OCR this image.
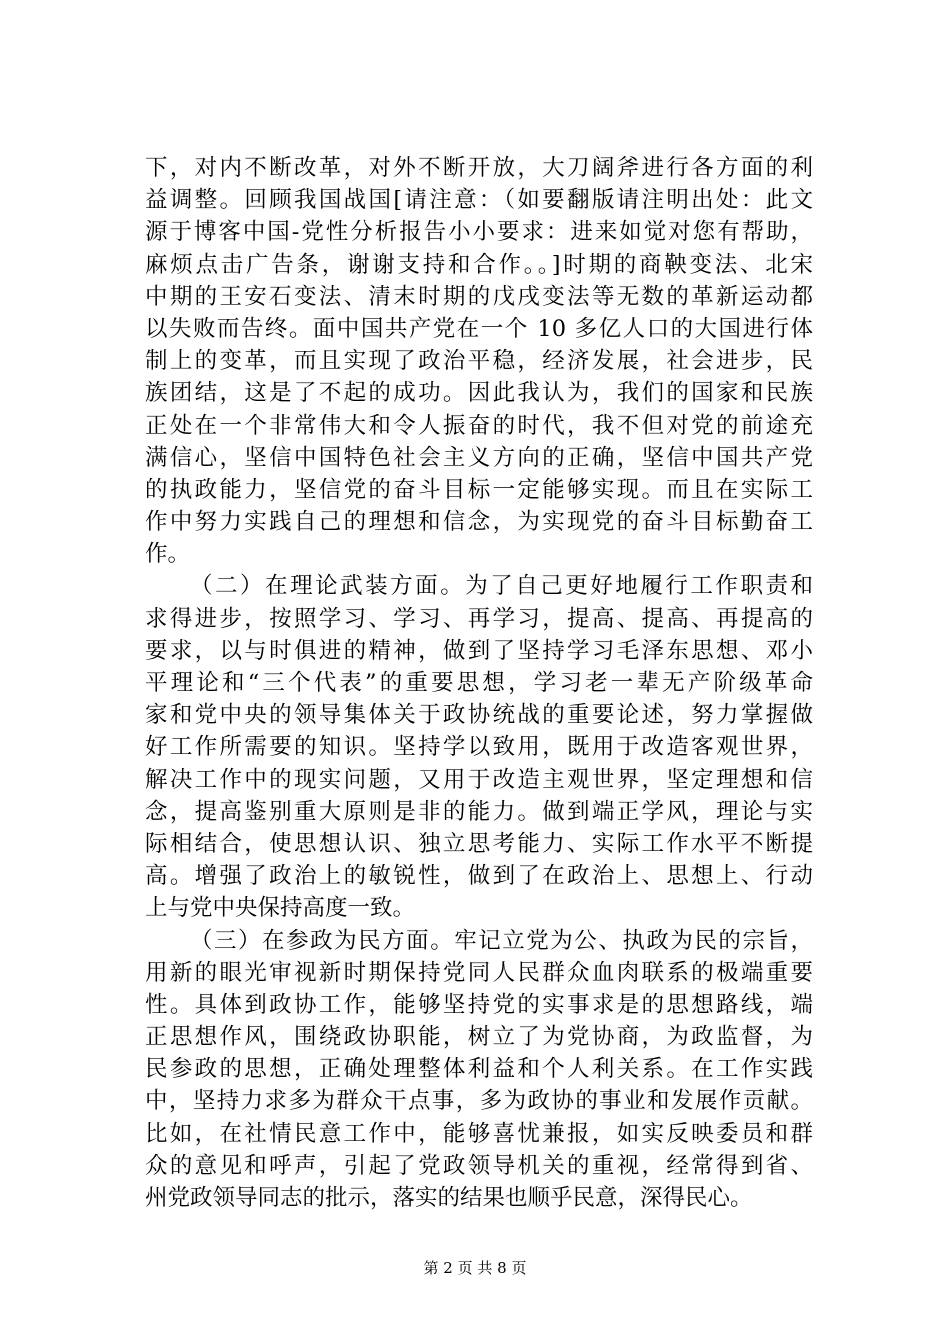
下，对内不断改革，对外不断开放，大刀阔斧进行各方面的利
益调整。回顾我国战国[请注意：（如要翻版请注明出处：此文
源于博客中国-党性分析报告小小要求：进来如觉对您有帮助，
麻烦点击广告条，谢谢支持和合作。。]时期的商鞅变法、北宋
中期的王安石变法、清末时期的戊戌变法等无数的革新运动都
以失败而告终。面中国共产党在一个 10 多亿人口的大国进行体
制上的变革，而且实现了政治平稳，经济发展，社会进步，民
族团结，这是了不起的成功。因此我认为，我们的国家和民族
正处在一个非常伟大和令人振奋的时代，我不但对党的前途充
满信心，坚信中国特色社会主义方向的正确，坚信中国共产党
的执政能力，坚信党的奋斗目标一定能够实现。而且在实际工
作中努力实践自己的理想和信念，为实现党的奋斗目标勤奋工
作。
（二）在理论武装方面。为了自己更好地履行工作职责和
求得进步，按照学习、学习、再学习，提高、提高、再提高的
要求，以与时俱进的精神，做到了坚持学习毛泽东思想、邓小
平理论和“三个代表”的重要思想，学习老一辈无产阶级革命
家和党中央的领导集体关于政协统战的重要论述，努力掌握做
好工作所需要的知识。坚持学以致用，既用于改造客观世界，
解决工作中的现实问题，又用于改造主观世界，坚定理想和信
念，提高鉴别重大原则是非的能力。做到端正学风，理论与实
际相结合，使思想认识、独立思考能力、实际工作水平不断提
高。增强了政治上的敏锐性，做到了在政治上、思想上、行动
上与党中央保持高度一致。
（三）在参政为民方面。牢记立党为公、执政为民的宗旨，
用新的眼光审视新时期保持党同人民群众血肉联系的极端重要
性。具体到政协工作，能够坚持党的实事求是的思想路线，端
正思想作风，围绕政协职能，树立了为党协商，为政监督，为
民参政的思想，正确处理整体利益和个人利关系。在工作实践
中，坚持力求多为群众干点事，多为政协的事业和发展作贡献。
比如，在社情民意工作中，能够喜忧兼报，如实反映委员和群
众的意见和呼声，引起了党政领导机关的重视，经常得到省、
州党政领导同志的批示，落实的结果也顺乎民意，深得民心。
第 2 页 共 8 页
